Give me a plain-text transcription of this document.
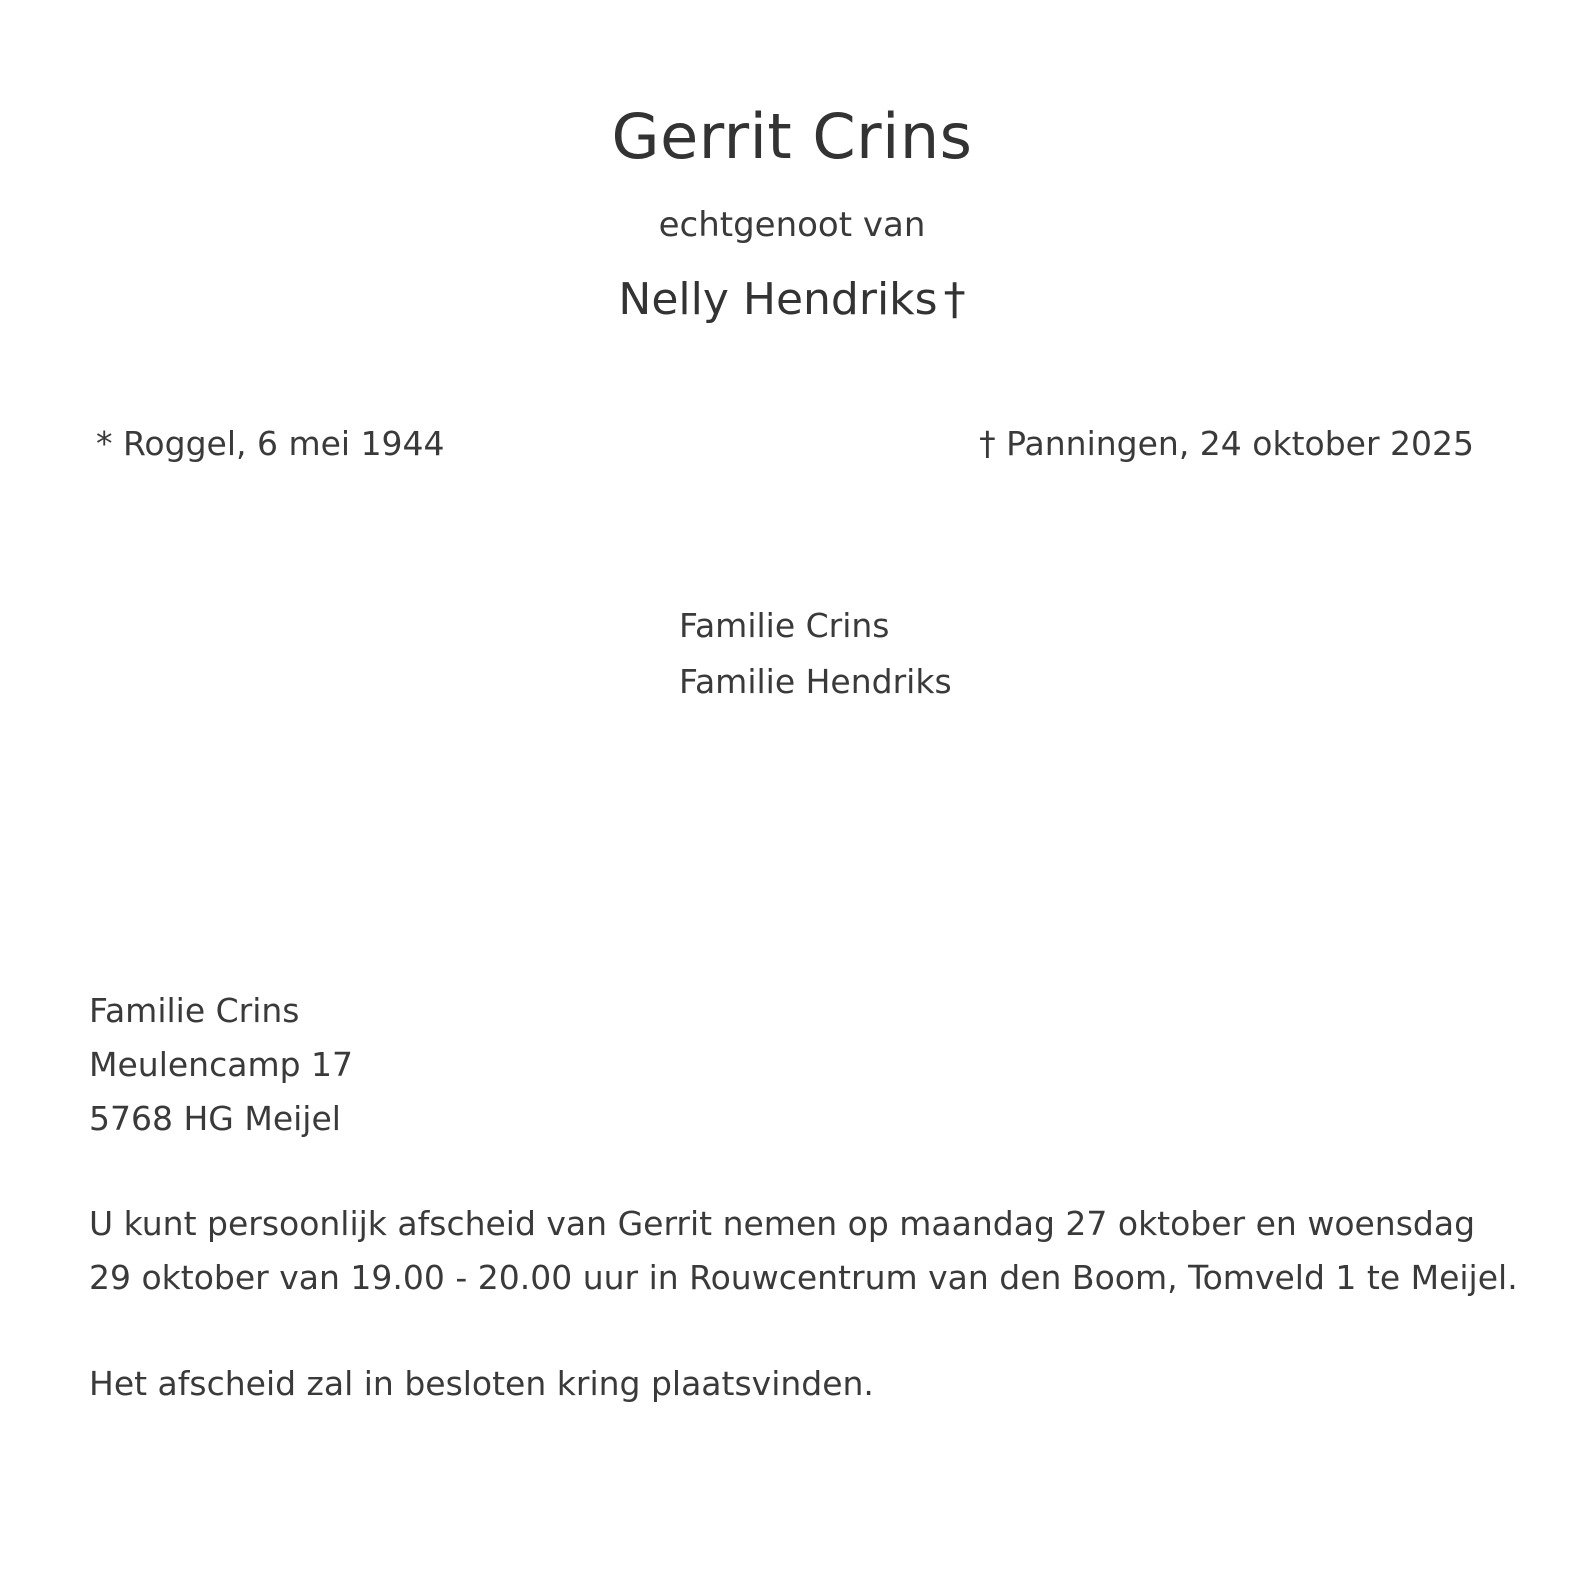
Gerrit Crins
echtgenoot van
Nelly Hendriks †
* Roggel, 6 mei 1944	† Panningen, 24 oktober 2025
Familie Crins
Familie Hendriks
Familie Crins
Meulencamp 17
5768 HG Meijel
U kunt persoonlijk afscheid van Gerrit nemen op maandag 27 oktober en woensdag
29 oktober van 19.00 - 20.00 uur in Rouwcentrum van den Boom, Tomveld 1 te Meijel.
Het afscheid zal in besloten kring plaatsvinden.
